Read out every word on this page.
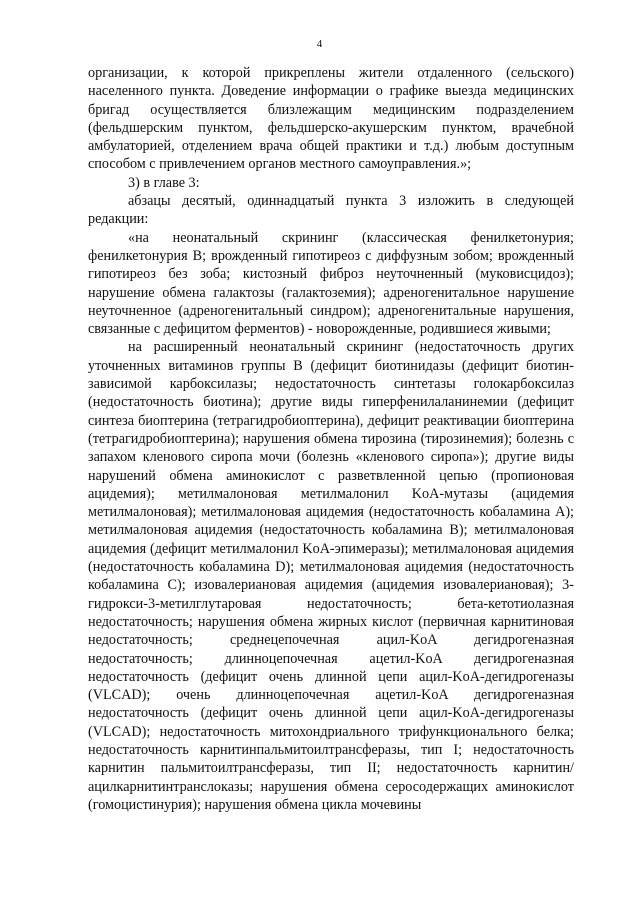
4

организации, к которой прикреплены жители отдаленного (сельского) населенного пункта. Доведение информации о графике выезда медицинских бригад осуществляется близлежащим медицинским подразделением (фельдшерским пунктом, фельдшерско-акушерским пунктом, врачебной амбулаторией, отделением врача общей практики и т.д.) любым доступным способом с привлечением органов местного самоуправления.»;

3) в главе 3:

абзацы десятый, одиннадцатый пункта 3 изложить в следующей редакции:

«на неонатальный скрининг (классическая фенилкетонурия; фенилкетонурия B; врожденный гипотиреоз с диффузным зобом; врожденный гипотиреоз без зоба; кистозный фиброз неуточненный (муковисцидоз); нарушение обмена галактозы (галактоземия); адреногенитальное нарушение неуточненное (адреногенитальный синдром); адреногенитальные нарушения, связанные с дефицитом ферментов) - новорожденные, родившиеся живыми;

на расширенный неонатальный скрининг (недостаточность других уточненных витаминов группы B (дефицит биотинидазы (дефицит биотин-зависимой карбоксилазы; недостаточность синтетазы голокарбоксилаз (недостаточность биотина); другие виды гиперфенилаланинемии (дефицит синтеза биоптерина (тетрагидробиоптерина), дефицит реактивации биоптерина (тетрагидробиоптерина); нарушения обмена тирозина (тирозинемия); болезнь с запахом кленового сиропа мочи (болезнь «кленового сиропа»); другие виды нарушений обмена аминокислот с разветвленной цепью (пропионовая ацидемия); метилмалоновая метилмалонил KoA-мутазы (ацидемия метилмалоновая); метилмалоновая ацидемия (недостаточность кобаламина A); метилмалоновая ацидемия (недостаточность кобаламина B); метилмалоновая ацидемия (дефицит метилмалонил KoA-эпимеразы); метилмалоновая ацидемия (недостаточность кобаламина D); метилмалоновая ацидемия (недостаточность кобаламина C); изовалериановая ацидемия (ацидемия изовалериановая); 3-гидрокси-3-метилглутаровая недостаточность; бета-кетотиолазная недостаточность; нарушения обмена жирных кислот (первичная карнитиновая недостаточность; среднецепочечная ацил-KoA дегидрогеназная недостаточность; длинноцепочечная ацетил-KoA дегидрогеназная недостаточность (дефицит очень длинной цепи ацил-KoA-дегидрогеназы (VLCAD); очень длинноцепочечная ацетил-KoA дегидрогеназная недостаточность (дефицит очень длинной цепи ацил-KoA-дегидрогеназы (VLCAD); недостаточность митохондриального трифункционального белка; недостаточность карнитинпальмитоилтрансферазы, тип I; недостаточность карнитин пальмитоилтрансферазы, тип II; недостаточность карнитин/ацилкарнитинтранслоказы; нарушения обмена серосодержащих аминокислот (гомоцистинурия); нарушения обмена цикла мочевины
